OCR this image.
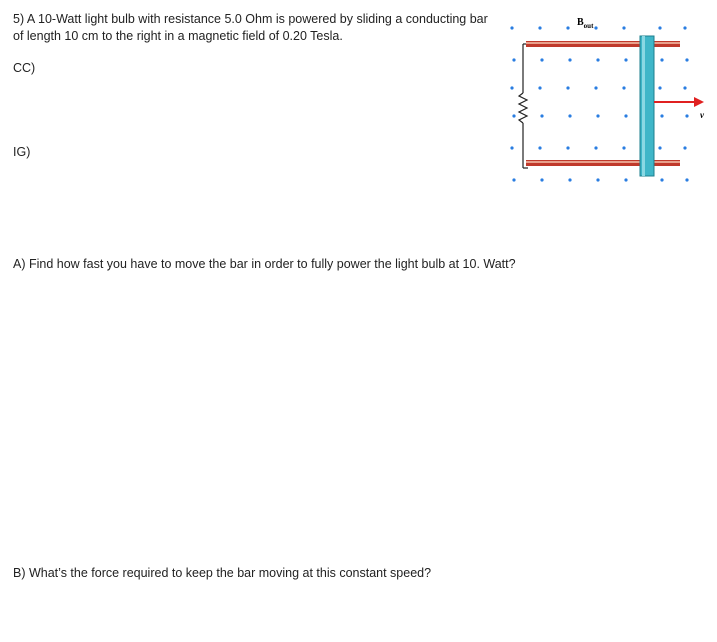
5) A 10-Watt light bulb with resistance 5.0 Ohm is powered by sliding a conducting bar of length 10 cm to the right in a magnetic field of 0.20 Tesla.
CC)
IG)
A) Find how fast you have to move the bar in order to fully power the light bulb at 10. Watt?
B) What’s the force required to keep the bar moving at this constant speed?
v
$B_{out}$
